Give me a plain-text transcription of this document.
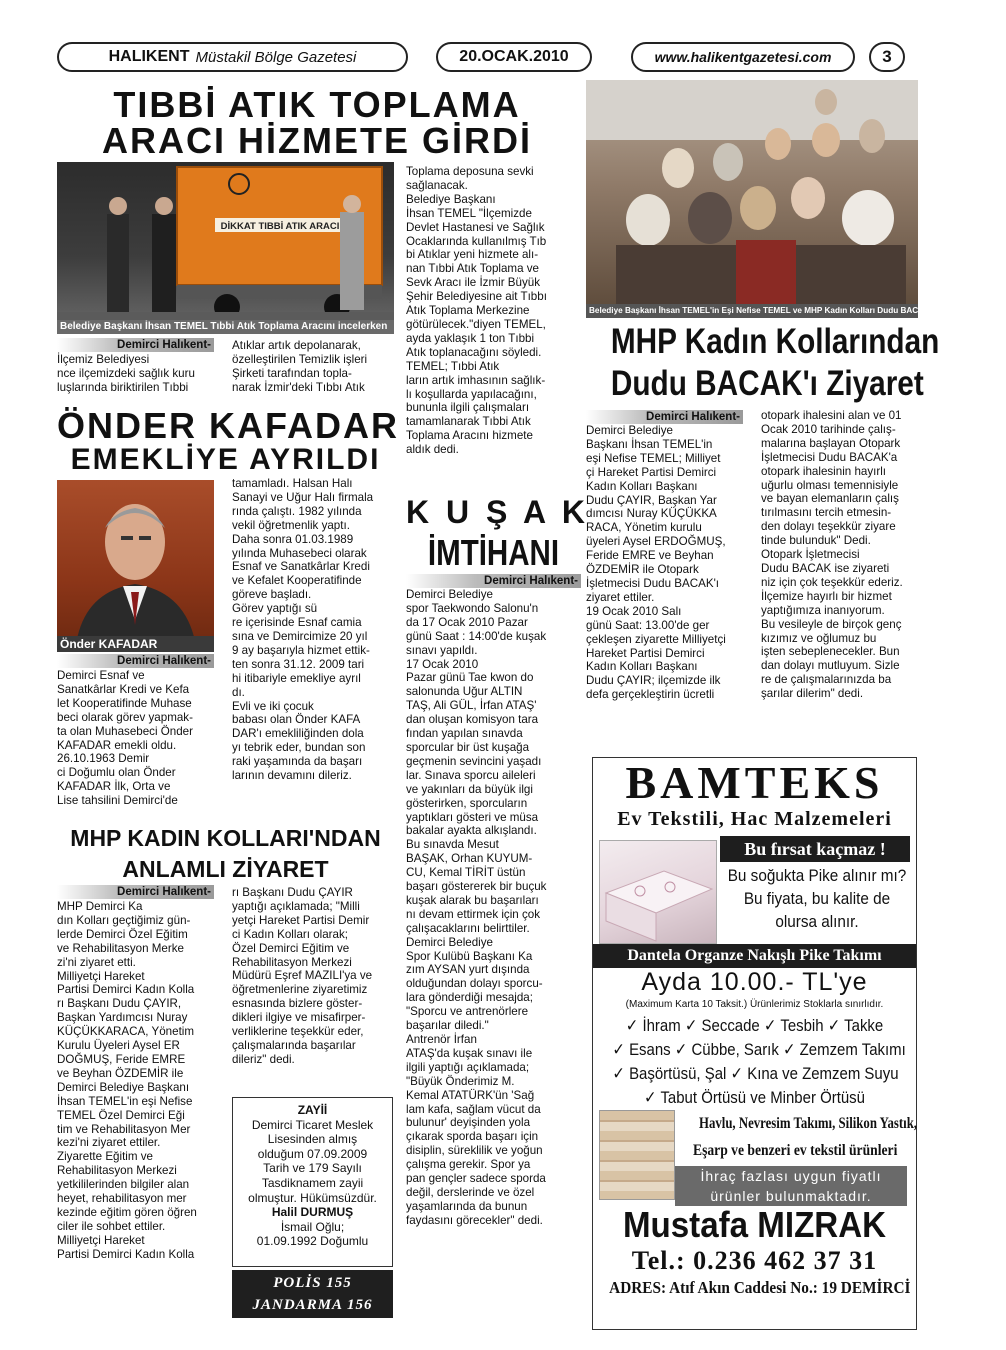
HALIKENT Müstakil Bölge Gazetesi	20.OCAK.2010	www.halikentgazetesi.com	3
TIBBİ ATIK TOPLAMA
ARACI HİZMETE GİRDİ
DİKKAT TIBBİ ATIK ARACI
Belediye Başkanı İhsan TEMEL Tıbbi Atık Toplama Aracını incelerken
Demirci Halıkent-
İlçemiz Belediyesi
nce ilçemizdeki sağlık kuru
luşlarında biriktirilen Tıbbi
Atıklar artık depolanarak,
özelleştirilen Temizlik işleri
Şirketi tarafından topla-
narak İzmir'deki Tıbbı Atık
Toplama deposuna sevki
sağlanacak.
Belediye Başkanı
İhsan TEMEL "İlçemizde
Devlet Hastanesi ve Sağlık
Ocaklarında kullanılmış Tıb
bi Atıklar yeni hizmete alı-
nan Tıbbi Atık Toplama ve
Sevk Aracı ile İzmir Büyük
Şehir Belediyesine ait Tıbbı
Atık Toplama Merkezine
götürülecek."diyen TEMEL,
ayda yaklaşık 1 ton Tıbbi
Atık toplanacağını söyledi.
TEMEL; Tıbbi Atık
ların artık imhasının sağlık-
lı koşullarda yapılacağını,
bununla ilgili çalışmaları
tamamlanarak Tıbbi Atık
Toplama Aracını hizmete
aldık dedi.
ÖNDER KAFADAR
EMEKLİYE AYRILDI
Önder KAFADAR
Demirci Halıkent-
Demirci Esnaf ve
Sanatkârlar Kredi ve Kefa
let Kooperatifinde Muhase
beci olarak görev yapmak-
ta olan Muhasebeci Önder
KAFADAR emekli oldu.
26.10.1963 Demir
ci Doğumlu olan Önder
KAFADAR İlk, Orta ve
Lise tahsilini Demirci'de
tamamladı. Halsan Halı
Sanayi ve Uğur Halı firmala
rında çalıştı. 1982 yılında
vekil öğretmenlik yaptı.
Daha sonra 01.03.1989
yılında Muhasebeci olarak
Esnaf ve Sanatkârlar Kredi
ve Kefalet Kooperatifinde
göreve başladı.
Görev yaptığı sü
re içerisinde Esnaf camia
sına ve Demircimize 20 yıl
9 ay başarıyla hizmet ettik-
ten sonra 31.12. 2009 tari
hi itibariyle emekliye ayrıl
dı.
Evli ve iki çocuk
babası olan Önder KAFA
DAR'ı emekliliğinden dola
yı tebrik eder, bundan son
raki yaşamında da başarı
larının devamını dileriz.
MHP KADIN KOLLARI'NDAN
ANLAMLI ZİYARET
Demirci Halıkent-
MHP Demirci Ka
dın Kolları geçtiğimiz gün-
lerde Demirci Özel Eğitim
ve Rehabilitasyon Merke
zi'ni ziyaret etti.
Milliyetçi Hareket
Partisi Demirci Kadın Kolla
rı Başkanı Dudu ÇAYIR,
Başkan Yardımcısı Nuray
KÜÇÜKKARACA, Yönetim
Kurulu Üyeleri Aysel ER
DOĞMUŞ, Feride EMRE
ve Beyhan ÖZDEMİR ile
Demirci Belediye Başkanı
İhsan TEMEL'in eşi Nefise
TEMEL Özel Demirci Eği
tim ve Rehabilitasyon Mer
kezi'ni ziyaret ettiler.
Ziyarette Eğitim ve
Rehabilitasyon Merkezi
yetkililerinden bilgiler alan
heyet, rehabilitasyon mer
kezinde eğitim gören öğren
ciler ile sohbet ettiler.
Milliyetçi Hareket
Partisi Demirci Kadın Kolla
rı Başkanı Dudu ÇAYIR
yaptığı açıklamada; "Milli
yetçi Hareket Partisi Demir
ci Kadın Kolları olarak;
Özel Demirci Eğitim ve
Rehabilitasyon Merkezi
Müdürü Eşref MAZILI'ya ve
öğretmenlerine ziyaretimiz
esnasında bizlere göster-
dikleri ilgiye ve misafirper-
verliklerine teşekkür eder,
çalışmalarında başarılar
dileriz" dedi.
ZAYİİ
Demirci Ticaret Meslek
Lisesinden almış
olduğum 07.09.2009
Tarih ve 179 Sayılı
Tasdiknamem zayii
olmuştur. Hükümsüzdür.
Halil DURMUŞ
İsmail Oğlu;
01.09.1992 Doğumlu
POLİS 155
JANDARMA 156
K U Ş A K
İMTİHANI
Demirci Halıkent-
Demirci Belediye
spor Taekwondo Salonu'n
da 17 Ocak 2010 Pazar
günü Saat : 14:00'de kuşak
sınavı yapıldı.
17 Ocak 2010
Pazar günü Tae kwon do
salonunda Uğur ALTIN
TAŞ, Ali GÜL, İrfan ATAŞ'
dan oluşan komisyon tara
fından yapılan sınavda
sporcular bir üst kuşağa
geçmenin sevincini yaşadı
lar. Sınava sporcu aileleri
ve yakınları da büyük ilgi
gösterirken, sporcuların
yaptıkları gösteri ve müsa
bakalar ayakta alkışlandı.
Bu sınavda Mesut
BAŞAK, Orhan KUYUM-
CU, Kemal TİRİT üstün
başarı göstererek bir buçuk
kuşak alarak bu başarıları
nı devam ettirmek için çok
çalışacaklarını belirttiler.
Demirci Belediye
Spor Kulübü Başkanı Ka
zım AYSAN yurt dışında
olduğundan dolayı sporcu-
lara gönderdiği mesajda;
"Sporcu ve antrenörlere
başarılar diledi."
Antrenör İrfan
ATAŞ'da kuşak sınavı ile
ilgili yaptığı açıklamada;
"Büyük Önderimiz M.
Kemal ATATÜRK'ün 'Sağ
lam kafa, sağlam vücut da
bulunur' deyişinden yola
çıkarak sporda başarı için
disiplin, süreklilik ve yoğun
çalışma gerekir. Spor ya
pan gençler sadece sporda
değil, derslerinde ve özel
yaşamlarında da bunun
faydasını görecekler" dedi.
Belediye Başkanı İhsan TEMEL'in Eşi Nefise TEMEL ve MHP Kadın Kolları Dudu BACAK'ı ziyaret ederlerken
MHP Kadın Kollarından
Dudu BACAK'ı Ziyaret
Demirci Halıkent-
Demirci Belediye
Başkanı İhsan TEMEL'in
eşi Nefise TEMEL; Milliyet
çi Hareket Partisi Demirci
Kadın Kolları Başkanı
Dudu ÇAYIR, Başkan Yar
dımcısı Nuray KÜÇÜKKA
RACA, Yönetim kurulu
üyeleri Aysel ERDOĞMUŞ,
Feride EMRE ve Beyhan
ÖZDEMİR ile Otopark
İşletmecisi Dudu BACAK'ı
ziyaret ettiler.
19 Ocak 2010 Salı
günü Saat: 13.00'de ger
çekleşen ziyarette Milliyetçi
Hareket Partisi Demirci
Kadın Kolları Başkanı
Dudu ÇAYIR; ilçemizde ilk
defa gerçekleştirin ücretli
otopark ihalesini alan ve 01
Ocak 2010 tarihinde çalış-
malarına başlayan Otopark
İşletmecisi Dudu BACAK'a
otopark ihalesinin hayırlı
uğurlu olması temennisiyle
ve bayan elemanların çalış
tırılmasını tercih etmesin-
den dolayı teşekkür ziyare
tinde bulunduk" Dedi.
Otopark İşletmecisi
Dudu BACAK ise ziyareti
niz için çok teşekkür ederiz.
İlçemize hayırlı bir hizmet
yaptığımıza inanıyorum.
Bu vesileyle de birçok genç
kızımız ve oğlumuz bu
işten sebeplenecekler. Bun
dan dolayı mutluyum. Sizle
re de çalışmalarınızda ba
şarılar dilerim" dedi.
BAMTEKS
Ev Tekstili, Hac Malzemeleri
Bu fırsat kaçmaz !
Bu soğukta Pike alınır mı?
Bu fiyata, bu kalite de
olursa alınır.
Dantela Organze Nakışlı Pike Takımı
Ayda 10.00.- TL'ye
(Maximum Karta 10 Taksit.) Ürünlerimiz Stoklarla sınırlıdır.
✓ İhram ✓ Seccade ✓ Tesbih ✓ Takke
✓ Esans ✓ Cübbe, Sarık ✓ Zemzem Takımı
✓ Başörtüsü, Şal ✓ Kına ve Zemzem Suyu
✓ Tabut Örtüsü ve Minber Örtüsü
Havlu, Nevresim Takımı, Silikon Yastık,
Eşarp ve benzeri ev tekstil ürünleri
İhraç fazlası uygun fiyatlı
ürünler bulunmaktadır.
Mustafa MIZRAK
Tel.: 0.236 462 37 31
ADRES: Atıf Akın Caddesi No.: 19 DEMİRCİ
